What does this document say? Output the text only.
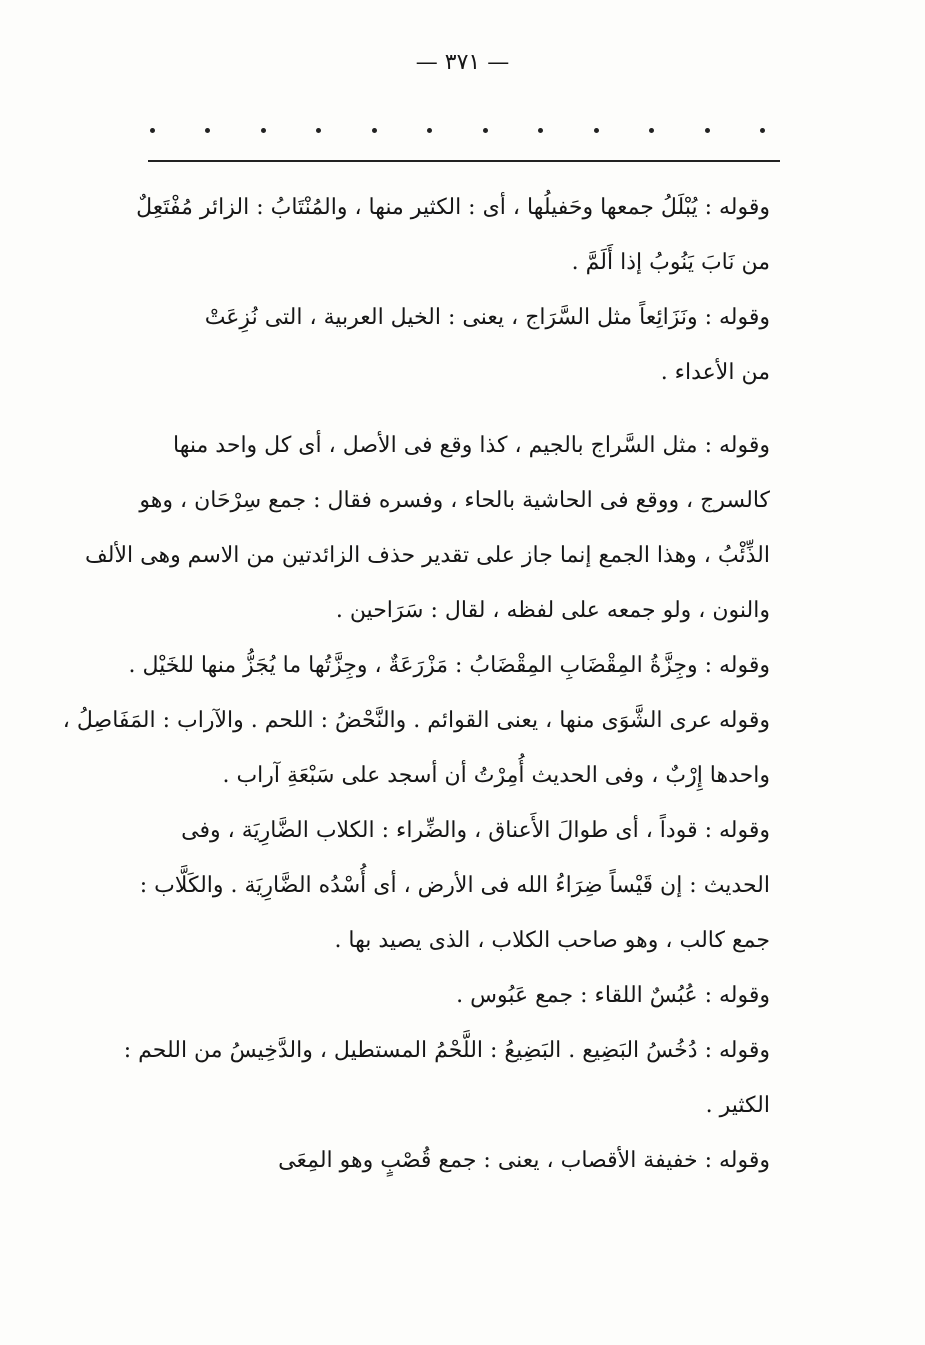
— ٣٧١ —
وقوله : يُبْلَلُ جمعها وحَفيلُها ، أى : الكثير منها ، والمُنْتَابُ : الزائر مُفْتَعِلٌ
من نَابَ يَنُوبُ إذا أَلَمَّ .
وقوله : ونَزَائِعاً مثل السَّرَاج ، يعنى : الخيل العربية ، التى نُزِعَتْ
من الأعداء .
وقوله : مثل السَّراج بالجيم ، كذا وقع فى الأصل ، أى كل واحد منها
كالسرج ، ووقع فى الحاشية بالحاء ، وفسره فقال : جمع سِرْحَان ، وهو
الذِّئْبُ ، وهذا الجمع إنما جاز على تقدير حذف الزائدتين من الاسم وهى الألف
والنون ، ولو جمعه على لفظه ، لقال : سَرَاحين .
وقوله : وجِزَّةُ المِقْضَابِ المِقْضَابُ : مَزْرَعَةٌ ، وجِزَّتُها ما يُجَزُّ منها للخَيْل .
وقوله عرى الشَّوَى منها ، يعنى القوائم . والنَّحْضُ : اللحم . والآراب : المَفَاصِلُ ،
واحدها إِرْبٌ ، وفى الحديث أُمِرْتُ أن أسجد على سَبْعَةِ آراب .
وقوله : قوداً ، أى طوالَ الأَعناق ، والضِّراء : الكلاب الضَّارِيَة ، وفى
الحديث : إن قَيْساً ضِرَاءُ الله فى الأرض ، أى أُسْدُه الضَّارِيَة . والكَلَّاب :
جمع كالب ، وهو صاحب الكلاب ، الذى يصيد بها .
وقوله : عُبُسٌ اللقاء : جمع عَبُوس .
وقوله : دُخُسُ البَضِيع . البَضِيعُ : اللَّحْمُ المستطيل ، والدَّخِيسُ من اللحم :
الكثير .
وقوله : خفيفة الأقصاب ، يعنى : جمع قُصْبٍ وهو المِعَى
